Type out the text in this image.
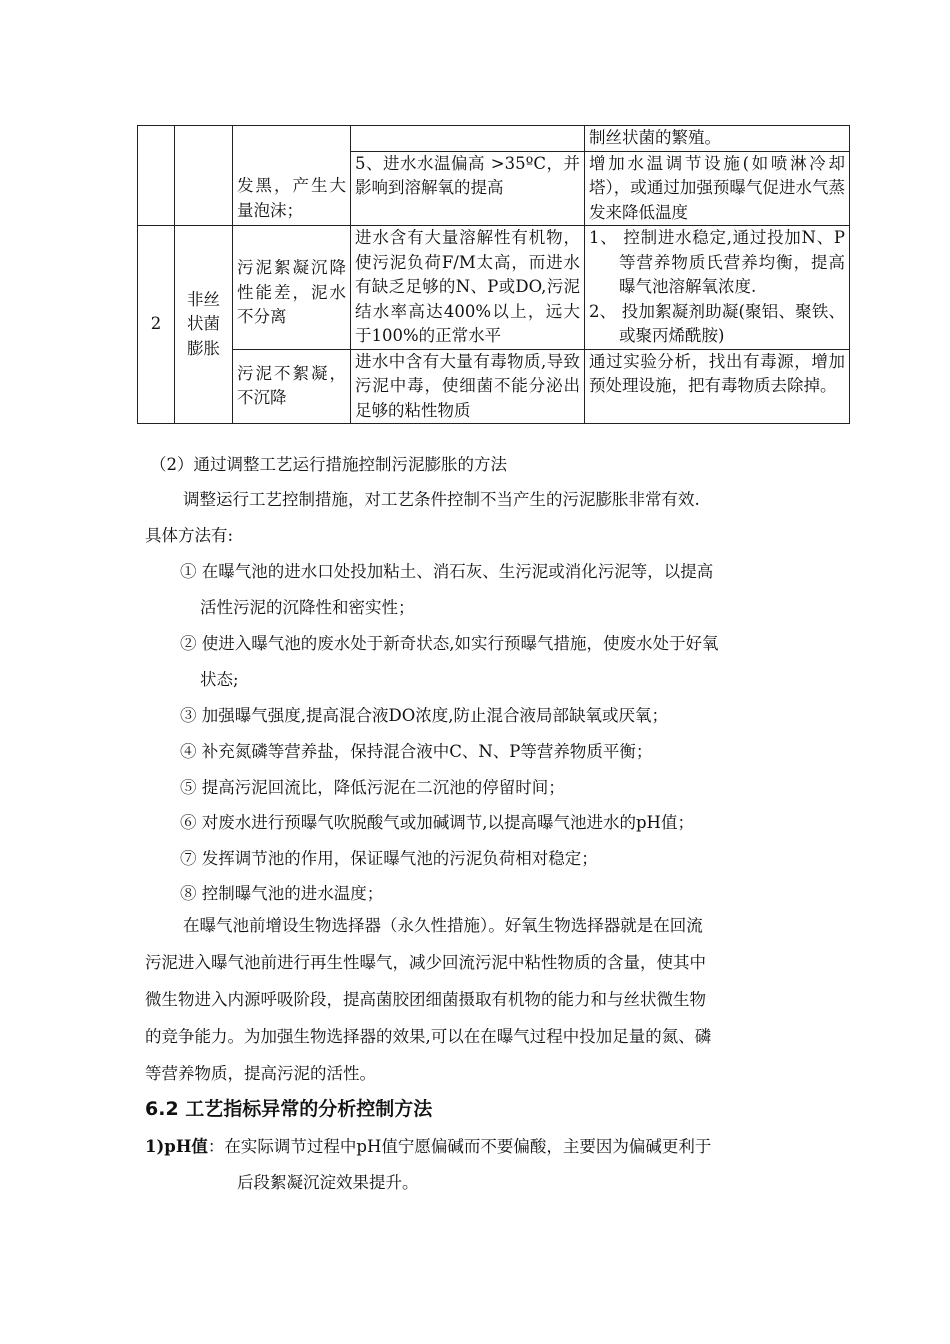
		发黑，产生大量泡沫；		制丝状菌的繁殖。
			5、进水水温偏高 >35ºC，并影响到溶解氧的提高	增加水温调节设施(如喷淋冷却塔），或通过加强预曝气促进水气蒸发来降低温度
2	非丝状菌膨胀	污泥絮凝沉降性能差，泥水不分离	进水含有大量溶解性有机物，使污泥负荷F/M太高，而进水有缺乏足够的N、P或DO,污泥结水率高达400%以上，远大于100%的正常水平	1、 控制进水稳定,通过投加N、P等营养物质氏营养均衡，提高曝气池溶解氧浓度.
2、 投加絮凝剂助凝(聚铝、聚铁、或聚丙烯酰胺)

		污泥不絮凝，不沉降	进水中含有大量有毒物质,导致污泥中毒，使细菌不能分泌出足够的粘性物质	通过实验分析，找出有毒源，增加预处理设施，把有毒物质去除掉。
（2）通过调整工艺运行措施控制污泥膨胀的方法
调整运行工艺控制措施，对工艺条件控制不当产生的污泥膨胀非常有效.
具体方法有:
① 在曝气池的进水口处投加粘土、消石灰、生污泥或消化污泥等，以提高
活性污泥的沉降性和密实性；
② 使进入曝气池的废水处于新奇状态,如实行预曝气措施，使废水处于好氧
状态;
③ 加强曝气强度,提高混合液DO浓度,防止混合液局部缺氧或厌氧；
④ 补充氮磷等营养盐，保持混合液中C、N、P等营养物质平衡；
⑤ 提高污泥回流比，降低污泥在二沉池的停留时间；
⑥ 对废水进行预曝气吹脱酸气或加碱调节,以提高曝气池进水的pH值；
⑦ 发挥调节池的作用，保证曝气池的污泥负荷相对稳定；
⑧ 控制曝气池的进水温度；
在曝气池前增设生物选择器（永久性措施）。好氧生物选择器就是在回流
污泥进入曝气池前进行再生性曝气，减少回流污泥中粘性物质的含量，使其中
微生物进入内源呼吸阶段，提高菌胶团细菌摄取有机物的能力和与丝状微生物
的竞争能力。为加强生物选择器的效果,可以在在曝气过程中投加足量的氮、磷
等营养物质，提高污泥的活性。
6.2 工艺指标异常的分析控制方法
1)pH值：在实际调节过程中pH值宁愿偏碱而不要偏酸，主要因为偏碱更利于
后段絮凝沉淀效果提升。
